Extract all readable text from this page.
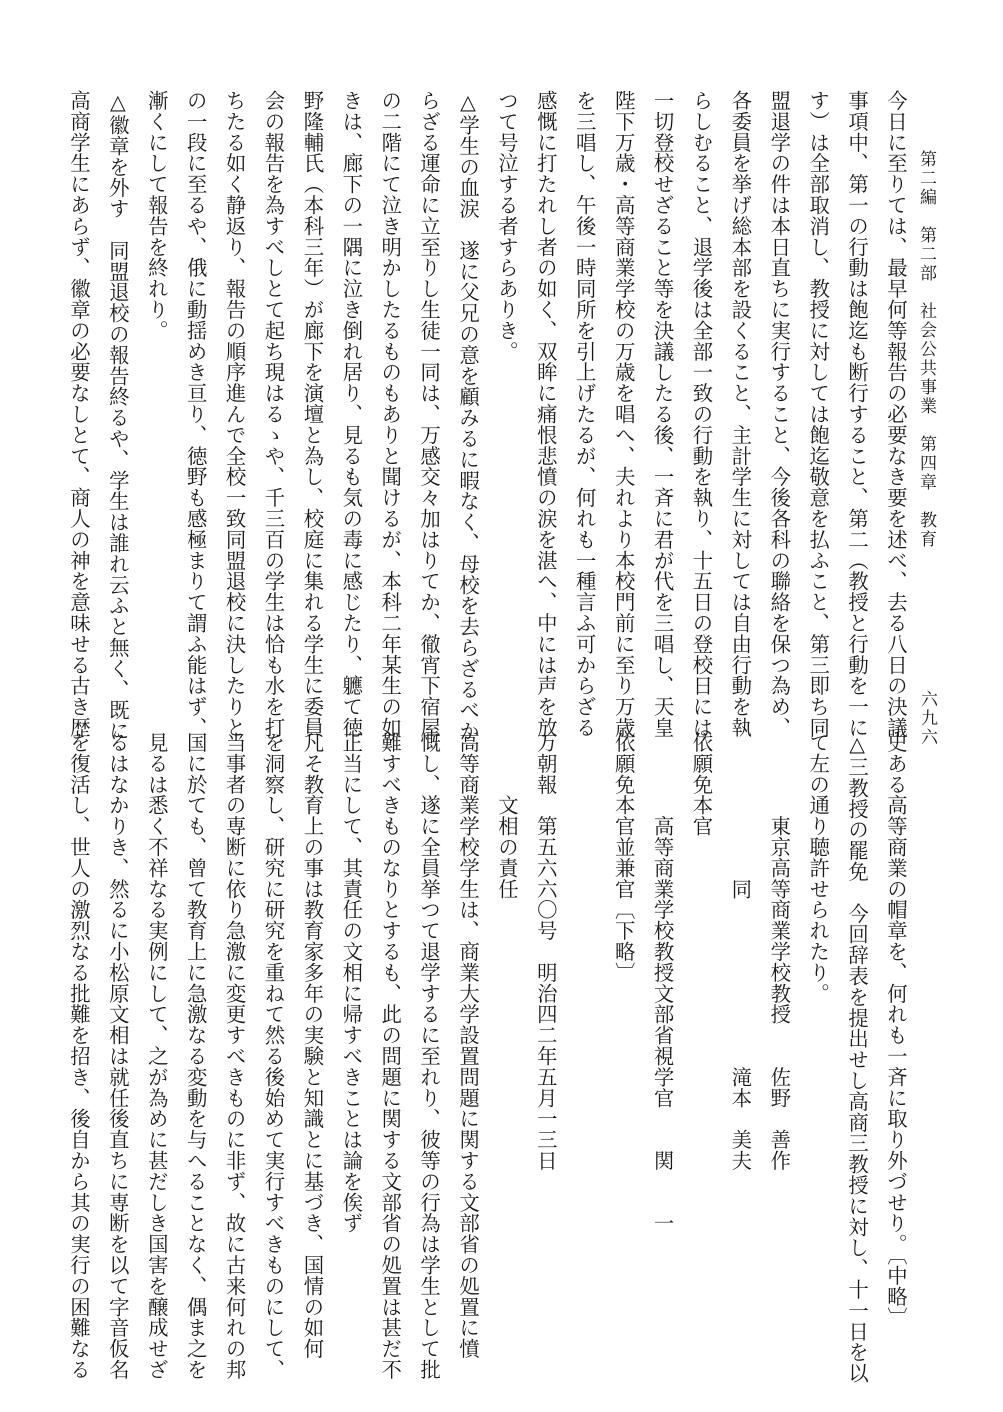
第二編　第二部　社会公共事業　第四章　教育
六九六
今日に至りては、最早何等報告の必要なき要を述べ、去る八日の決議
事項中、第一の行動は飽迄も断行すること、第二（教授と行動を一に
す）は全部取消し、教授に対しては飽迄敬意を払ふこと、第三即ち同
盟退学の件は本日直ちに実行すること、今後各科の聯絡を保つ為め、
各委員を挙げ総本部を設くること、主計学生に対しては自由行動を執
らしむること、退学後は全部一致の行動を執り、十五日の登校日には
一切登校せざること等を決議したる後、一斉に君が代を三唱し、天皇
陛下万歳・高等商業学校の万歳を唱へ、夫れより本校門前に至り万歳
を三唱し、午後一時同所を引上げたるが、何れも一種言ふ可からざる
感慨に打たれし者の如く、双眸に痛恨悲憤の涙を湛へ、中には声を放
つて号泣する者すらありき。
△学生の血涙　遂に父兄の意を顧みるに暇なく、母校を去らざるべか
らざる運命に立至りし生徒一同は、万感交々加はりてか、徹宵下宿屋
の二階にて泣き明かしたるものもありと聞けるが、本科二年某生の如
きは、廊下の一隅に泣き倒れ居り、見るも気の毒に感じたり、軈て徳
野隆輔氏（本科三年）が廊下を演壇と為し、校庭に集れる学生に委員
会の報告を為すべしとて起ち現はるゝや、千三百の学生は恰も水を打
ちたる如く静返り、報告の順序進んで全校一致同盟退校に決したりと
の一段に至るや、俄に動揺めき亘り、徳野も感極まりて謂ふ能はず、
漸くにして報告を終れり。
△徽章を外す　同盟退校の報告終るや、学生は誰れ云ふと無く、既に
高商学生にあらず、徽章の必要なしとて、商人の神を意味せる古き歴
史ある高等商業の帽章を、何れも一斉に取り外づせり。〔中略〕
△三教授の罷免　今回辞表を提出せし高商三教授に対し、十一日を以
て左の通り聴許せられたり。
　　　　東京高等商業学校教授　　佐野　善作
　　　　　　　同　　　　　　　　滝本　美夫
依願免本官
　　　　高等商業学校教授文部省視学官　　関　　一
依願免本官並兼官〔下略〕

万朝報　第五六六〇号　明治四二年五月一三日
　　　文相の責任
高等商業学校学生は、商業大学設置問題に関する文部省の処置に憤
慨し、遂に全員挙つて退学するに至れり、彼等の行為は学生として批
難すべきものなりとするも、此の問題に関する文部省の処置は甚だ不
正当にして、其責任の文相に帰すべきことは論を俟ず
凡そ教育上の事は教育家多年の実験と知識とに基づき、国情の如何
を洞察し、研究に研究を重ねて然る後始めて実行すべきものにして、
当事者の専断に依り急激に変更すべきものに非ず、故に古来何れの邦
国に於ても、曾て教育上に急激なる変動を与へることなく、偶ま之を
見るは悉く不祥なる実例にして、之が為めに甚だしき国害を醸成せざ
るはなかりき、然るに小松原文相は就任後直ちに専断を以て字音仮名
を復活し、世人の激烈なる批難を招き、後自から其の実行の困難なる
